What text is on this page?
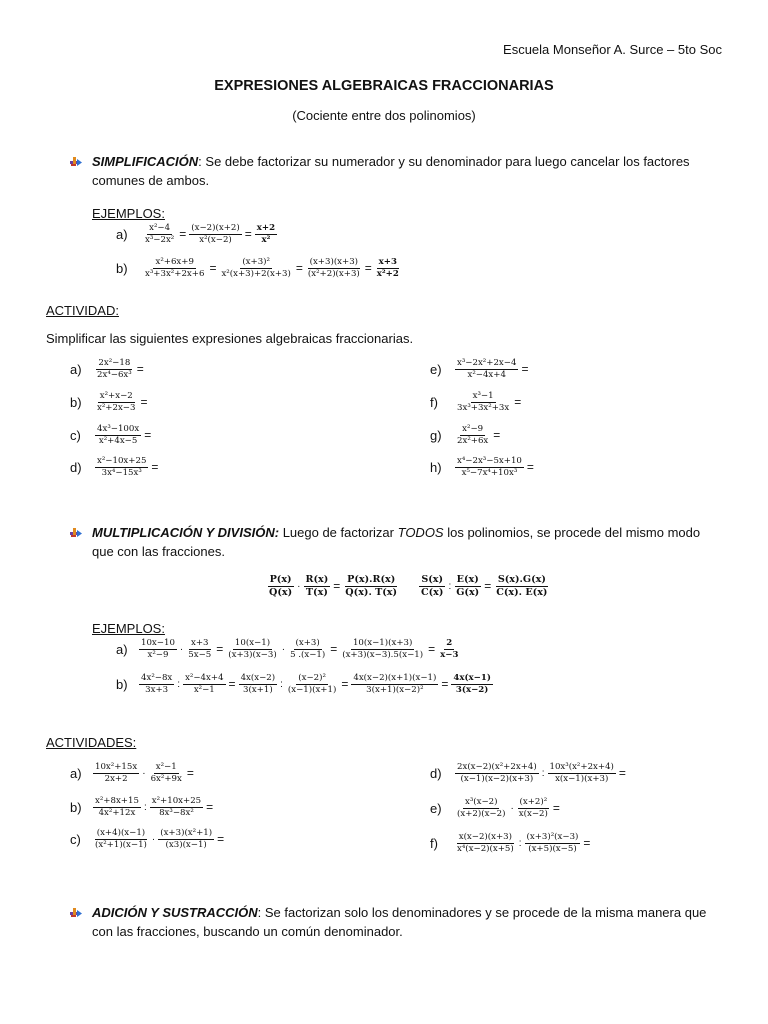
Escuela Monseñor A. Surce – 5to Soc
EXPRESIONES ALGEBRAICAS FRACCIONARIAS
(Cociente entre dos polinomios)
SIMPLIFICACIÓN: Se debe factorizar su numerador y su denominador para luego cancelar los factores comunes de ambos.
EJEMPLOS:
a)	$\frac{\text{x²−4}}{\text{x³−2x²}} = \frac{(x-2)(x+2)}{\text{x²(x−2)}} = \frac{x+2}{\text{x²}}$
b)	$\frac{\text{x²+6x+9}}{\text{x³+3x²+2x+6}} = \frac{\text{(x+3)²}}{\text{x²(x+3)+2(x+3)}} = \frac{(x+3)(x+3)}{\text{(x²+2)(x+3)}} = \frac{x+3}{\text{x²+2}}$
ACTIVIDAD:
Simplificar las siguientes expresiones algebraicas fraccionarias.
a)	$\frac{\text{2x²−18}}{\text{2x⁴−6x³}}$ =
b)	$\frac{\text{x²+x−2}}{\text{x²+2x−3}}$ =
c)	$\frac{\text{4x³−100x}}{\text{x²+4x−5}}$ =
d)	$\frac{\text{x²−10x+25}}{\text{3x⁴−15x³}}$ =
e)	$\frac{\text{x³−2x²+2x−4}}{\text{x²−4x+4}}$ =
f)	$\frac{\text{x³−1}}{\text{3x³+3x²+3x}}$ =
g)	$\frac{\text{x²−9}}{\text{2x²+6x}}$ =
h)	$\frac{\text{x⁴−2x³−5x+10}}{\text{x⁵−7x⁴+10x³}}$ =
MULTIPLICACIÓN Y DIVISIÓN: Luego de factorizar TODOS los polinomios, se procede del mismo modo que con las fracciones.
$\frac{P(x)}{Q(x)} \cdot \frac{R(x)}{T(x)} = \frac{P(x).R(x)}{Q(x). T(x)} \frac{S(x)}{C(x)}$ : $\frac{E(x)}{G(x)} = \frac{S(x).G(x)}{C(x). E(x)}$
EJEMPLOS:
a)	$\frac{10x-10}{\text{x²−9}} \cdot \frac{x+3}{5x-5} = \frac{10(x-1)}{(x+3)(x-3)} \cdot \frac{(x+3)}{5 .(x-1)} = \frac{10(x-1)(x+3)}{(x+3)(x-3).5(x-1)} = \frac{2}{x-3}$
b)	$\frac{\text{4x²−8x}}{3x+3}$ : $\frac{\text{x²−4x+4}}{\text{x²−1}} = \frac{4x(x-2)}{3(x+1)}$ : $\frac{\text{(x−2)²}}{(x-1)(x+1)} = \frac{4x(x-2)(x+1)(x-1)}{\text{3(x+1)(x−2)²}} = \frac{4x(x-1)}{3(x-2)}$
ACTIVIDADES:
a)	$\frac{\text{10x²+15x}}{2x+2} \cdot \frac{\text{x²−1}}{\text{6x²+9x}}$ =
b)	$\frac{\text{x²+8x+15}}{\text{4x²+12x}}$ : $\frac{\text{x²+10x+25}}{\text{8x³−8x²}}$ =
c)	$\frac{(x+4)(x-1)}{\text{(x²+1)(x−1)}} \cdot \frac{\text{(x+3)(x²+1)}}{(x3)(x-1)}$ =
d)	$\frac{\text{2x(x−2)(x²+2x+4)}}{(x-1)(x-2)(x+3)}$ : $\frac{\text{10x³(x²+2x+4)}}{x(x-1)(x+3)}$ =
e)	$\frac{\text{x³(x−2)}}{(x+2)(x-2)} \cdot \frac{\text{(x+2)²}}{x(x-2)}$ =
f)	$\frac{x(x-2)(x+3)}{\text{x⁴(x−2)(x+5)}}$ : $\frac{\text{(x+3)²(x−3)}}{(x+5)(x-5)}$ =
ADICIÓN Y SUSTRACCIÓN: Se factorizan solo los denominadores y se procede de la misma manera que con las fracciones, buscando un común denominador.
